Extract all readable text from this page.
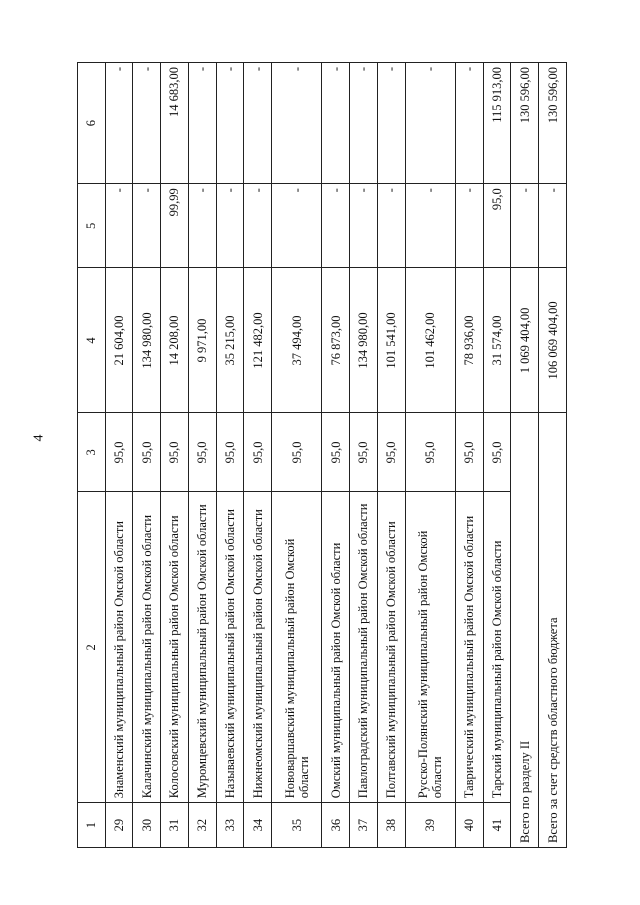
4
1	2	3	4	5	6
29	Знаменский муниципальный район Омской области	95,0	21 604,00	-	-
30	Калачинский муниципальный район Омской области	95,0	134 980,00	-	-
31	Колосовский муниципальный район Омской области	95,0	14 208,00	99,99	14 683,00
32	Муромцевский муниципальный район Омской области	95,0	9 971,00	-	-
33	Называевский муниципальный район Омской области	95,0	35 215,00	-	-
34	Нижнеомский муниципальный район Омской области	95,0	121 482,00	-	-
35	Нововаршавский муниципальный район Омской области	95,0	37 494,00	-	-
36	Омский муниципальный район Омской области	95,0	76 873,00	-	-
37	Павлоградский муниципальный район Омской области	95,0	134 980,00	-	-
38	Полтавский муниципальный район Омской области	95,0	101 541,00	-	-
39	Русско-Полянский муниципальный район Омской области	95,0	101 462,00	-	-
40	Таврический муниципальный район Омской области	95,0	78 936,00	-	-
41	Тарский муниципальный район Омской области	95,0	31 574,00	95,0	115 913,00
Всего по разделу II			1 069 404,00	-	130 596,00
Всего за счет средств областного бюджета			106 069 404,00	-	130 596,00
